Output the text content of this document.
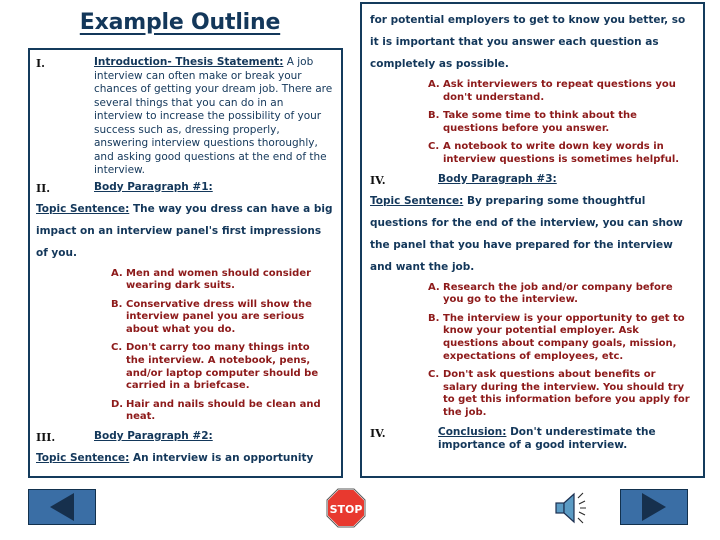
Example Outline
I.	Introduction- Thesis Statement: A job interview can often make or break your chances of getting your dream job. There are several things that you can do in an interview to increase the possibility of your success such as, dressing properly, answering interview questions thoroughly, and asking good questions at the end of the interview.
II.	Body Paragraph #1:
Topic Sentence: The way you dress can have a big impact on an interview panel's first impressions of you.
A. Men and women should consider wearing dark suits.
B. Conservative dress will show the interview panel you are serious about what you do.
C. Don't carry too many things into the interview. A notebook, pens, and/or laptop computer should be carried in a briefcase.
D. Hair and nails should be clean and neat.
III.	Body Paragraph #2:
Topic Sentence: An interview is an opportunity
for potential employers to get to know you better, so it is important that you answer each question as completely as possible.
A. Ask interviewers to repeat questions you don't understand.
B. Take some time to think about the questions before you answer.
C. A notebook to write down key words in interview questions is sometimes helpful.
IV.	Body Paragraph #3:
Topic Sentence: By preparing some thoughtful questions for the end of the interview, you can show the panel that you have prepared for the interview and want the job.
A. Research the job and/or company before you go to the interview.
B. The interview is your opportunity to get to know your potential employer. Ask questions about company goals, mission, expectations of employees, etc.
C. Don't ask questions about benefits or salary during the interview. You should try to get this information before you apply for the job.
IV.	Conclusion: Don't underestimate the importance of a good interview.
STOP
